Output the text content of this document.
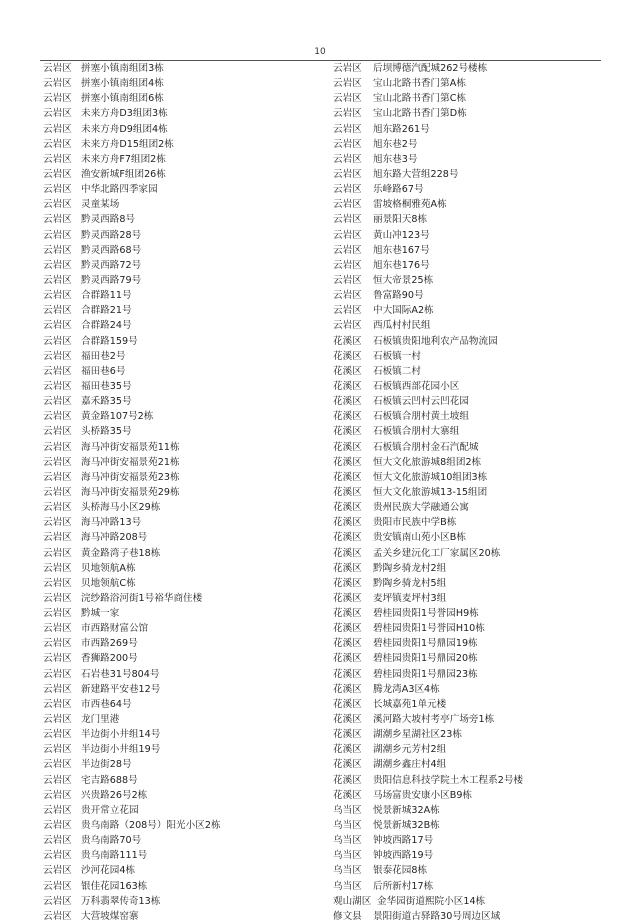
10
云岩区 拼塞小镇南组团3栋
云岩区 拼塞小镇南组团4栋
云岩区 拼塞小镇南组团6栋
云岩区 未来方舟D3组团3栋
云岩区 未来方舟D9组团4栋
云岩区 未来方舟D15组团2栋
云岩区 未来方舟F7组团2栋
云岩区 渔安新城F组团26栋
云岩区 中华北路四季家园
云岩区 灵童某场
云岩区 黔灵西路8号
云岩区 黔灵西路28号
云岩区 黔灵西路68号
云岩区 黔灵西路72号
云岩区 黔灵西路79号
云岩区 合群路11号
云岩区 合群路21号
云岩区 合群路24号
云岩区 合群路159号
云岩区 福田巷2号
云岩区 福田巷6号
云岩区 福田巷35号
云岩区 嘉禾路35号
云岩区 黄金路107号2栋
云岩区 头桥路35号
云岩区 海马冲街安福景苑11栋
云岩区 海马冲街安福景苑21栋
云岩区 海马冲街安福景苑23栋
云岩区 海马冲街安福景苑29栋
云岩区 头桥海马小区29栋
云岩区 海马冲路13号
云岩区 海马冲路208号
云岩区 黄金路湾子巷18栋
云岩区 贝地领航A栋
云岩区 贝地领航C栋
云岩区 浣纱路浴河街1号裕华商住楼
云岩区 黔城一家
云岩区 市西路财富公馆
云岩区 市西路269号
云岩区 香狮路200号
云岩区 石岩巷31号804号
云岩区 新建路平安巷12号
云岩区 市西巷64号
云岩区 龙门里港
云岩区 半边街小井组14号
云岩区 半边街小井组19号
云岩区 半边街28号
云岩区 宅吉路688号
云岩区 兴贵路26号2栋
云岩区 贵开常立花园
云岩区 贵乌南路（208号）阳光小区2栋
云岩区 贵乌南路70号
云岩区 贵乌南路111号
云岩区 沙河花园4栋
云岩区 银佳花园163栋
云岩区 万科翡翠传奇13栋
云岩区 大营坡煤窑寨
云岩区 后坝博德汽配城262号楼栋
云岩区 宝山北路书香门第A栋
云岩区 宝山北路书香门第C栋
云岩区 宝山北路书香门第D栋
云岩区 旭东路261号
云岩区 旭东巷2号
云岩区 旭东巷3号
云岩区 旭东路大营组228号
云岩区 乐峰路67号
云岩区 雷坡格桐雅苑A栋
云岩区 丽景阳天8栋
云岩区 黄山冲123号
云岩区 旭东巷167号
云岩区 旭东巷176号
云岩区 恒大帝景25栋
云岩区 鲁富路90号
云岩区 中大国际A2栋
云岩区 西瓜村村民组
花溪区 石板镇贵阳地利农产品物流园
花溪区 石板镇一村
花溪区 石板镇二村
花溪区 石板镇西部花园小区
花溪区 石板镇云凹村云凹花园
花溪区 石板镇合朋村黄土坡组
花溪区 石板镇合朋村大寨组
花溪区 石板镇合朋村金石汽配城
花溪区 恒大文化旅游城8组团2栋
花溪区 恒大文化旅游城10组团3栋
花溪区 恒大文化旅游城13-15组团
花溪区 贵州民族大学融通公寓
花溪区 贵阳市民族中学B栋
花溪区 贵安镇南山苑小区B栋
花溪区 孟关乡建沅化工厂家属区20栋
花溪区 黔陶乡骑龙村2组
花溪区 黔陶乡骑龙村5组
花溪区 麦坪镇麦坪村3组
花溪区 碧桂园贵阳1号誉园H9栋
花溪区 碧桂园贵阳1号誉园H10栋
花溪区 碧桂园贵阳1号鼎园19栋
花溪区 碧桂园贵阳1号鼎园20栋
花溪区 碧桂园贵阳1号鼎园23栋
花溪区 腾龙湾A3区4栋
花溪区 长城嘉苑1单元楼
花溪区 溪河路大坡村考亭广场旁1栋
花溪区 湖潮乡星湖社区23栋
花溪区 湖潮乡元芳村2组
花溪区 湖潮乡鑫庄村4组
花溪区 贵阳信息科技学院土木工程系2号楼
花溪区 马场富贵安康小区B9栋
乌当区 悦景新城32A栋
乌当区 悦景新城32B栋
乌当区 钟坡西路17号
乌当区 钟坡西路19号
乌当区 银泰花园8栋
乌当区 后所新村17栋
观山湖区 金华园街道熙院小区14栋
修文县 景阳街道古驿路30号周边区域
